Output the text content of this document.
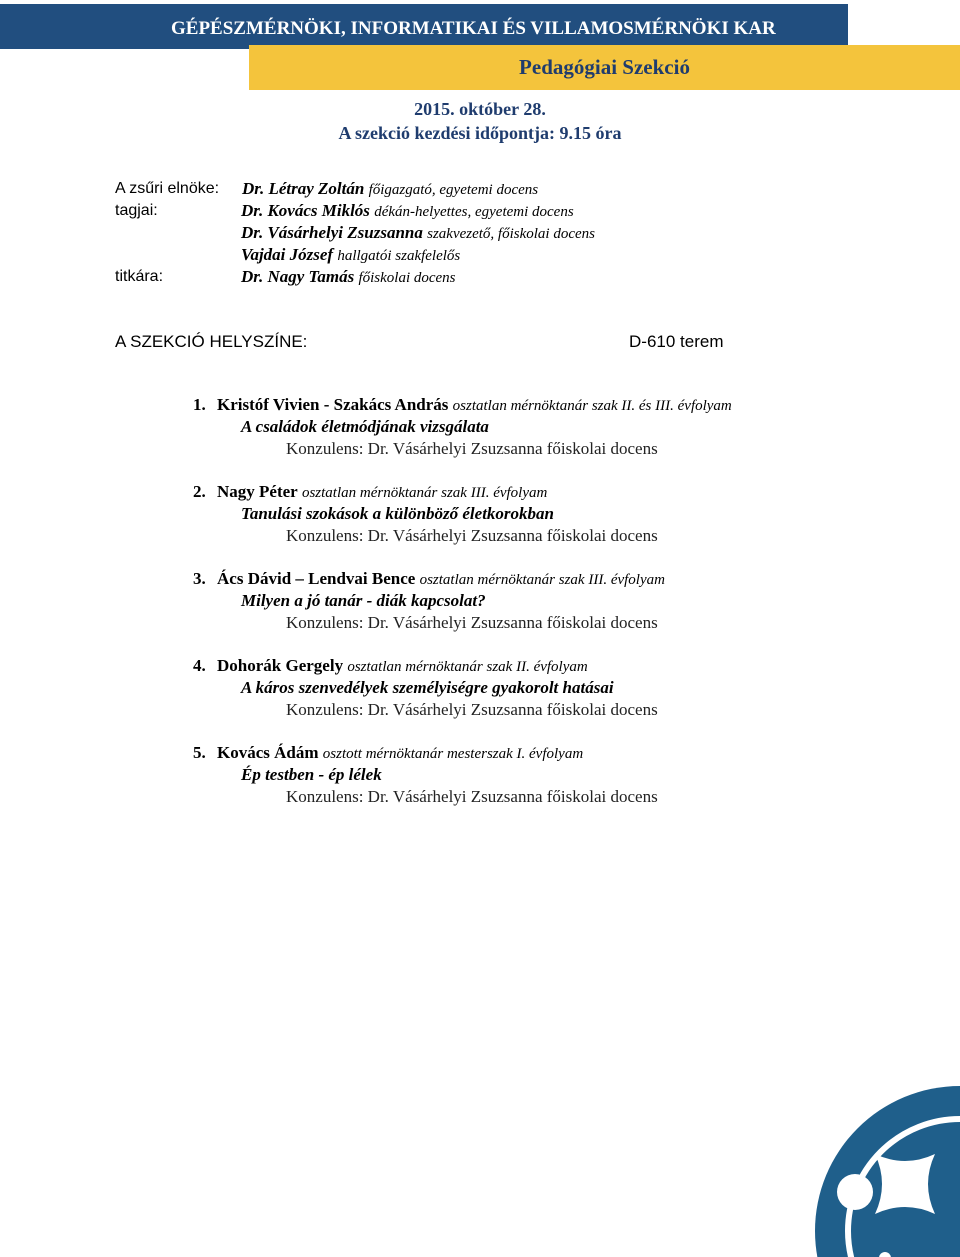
GÉPÉSZMÉRNÖKI, INFORMATIKAI ÉS VILLAMOSMÉRNÖKI KAR
Pedagógiai Szekció
2015. október 28.
A szekció kezdési időpontja: 9.15 óra
A zsűri elnöke: Dr. Létray Zoltán főigazgató, egyetemi docens
tagjai:	Dr. Kovács Miklós dékán-helyettes, egyetemi docens
Dr. Vásárhelyi Zsuzsanna szakvezető, főiskolai docens
Vajdai József hallgatói szakfelelős
titkára:	Dr. Nagy Tamás főiskolai docens
A SZEKCIÓ HELYSZÍNE:	D-610 terem
1. Kristóf Vivien - Szakács András osztatlan mérnöktanár szak II. és III. évfolyam
A családok életmódjának vizsgálata
Konzulens: Dr. Vásárhelyi Zsuzsanna főiskolai docens
2. Nagy Péter osztatlan mérnöktanár szak III. évfolyam
Tanulási szokások a különböző életkorokban
Konzulens: Dr. Vásárhelyi Zsuzsanna főiskolai docens
3. Ács Dávid – Lendvai Bence osztatlan mérnöktanár szak III. évfolyam
Milyen a jó tanár - diák kapcsolat?
Konzulens: Dr. Vásárhelyi Zsuzsanna főiskolai docens
4. Dohorák Gergely osztatlan mérnöktanár szak II. évfolyam
A káros szenvedélyek személyiségre gyakorolt hatásai
Konzulens: Dr. Vásárhelyi Zsuzsanna főiskolai docens
5. Kovács Ádám osztott mérnöktanár mesterszak I. évfolyam
Ép testben - ép lélek
Konzulens: Dr. Vásárhelyi Zsuzsanna főiskolai docens
